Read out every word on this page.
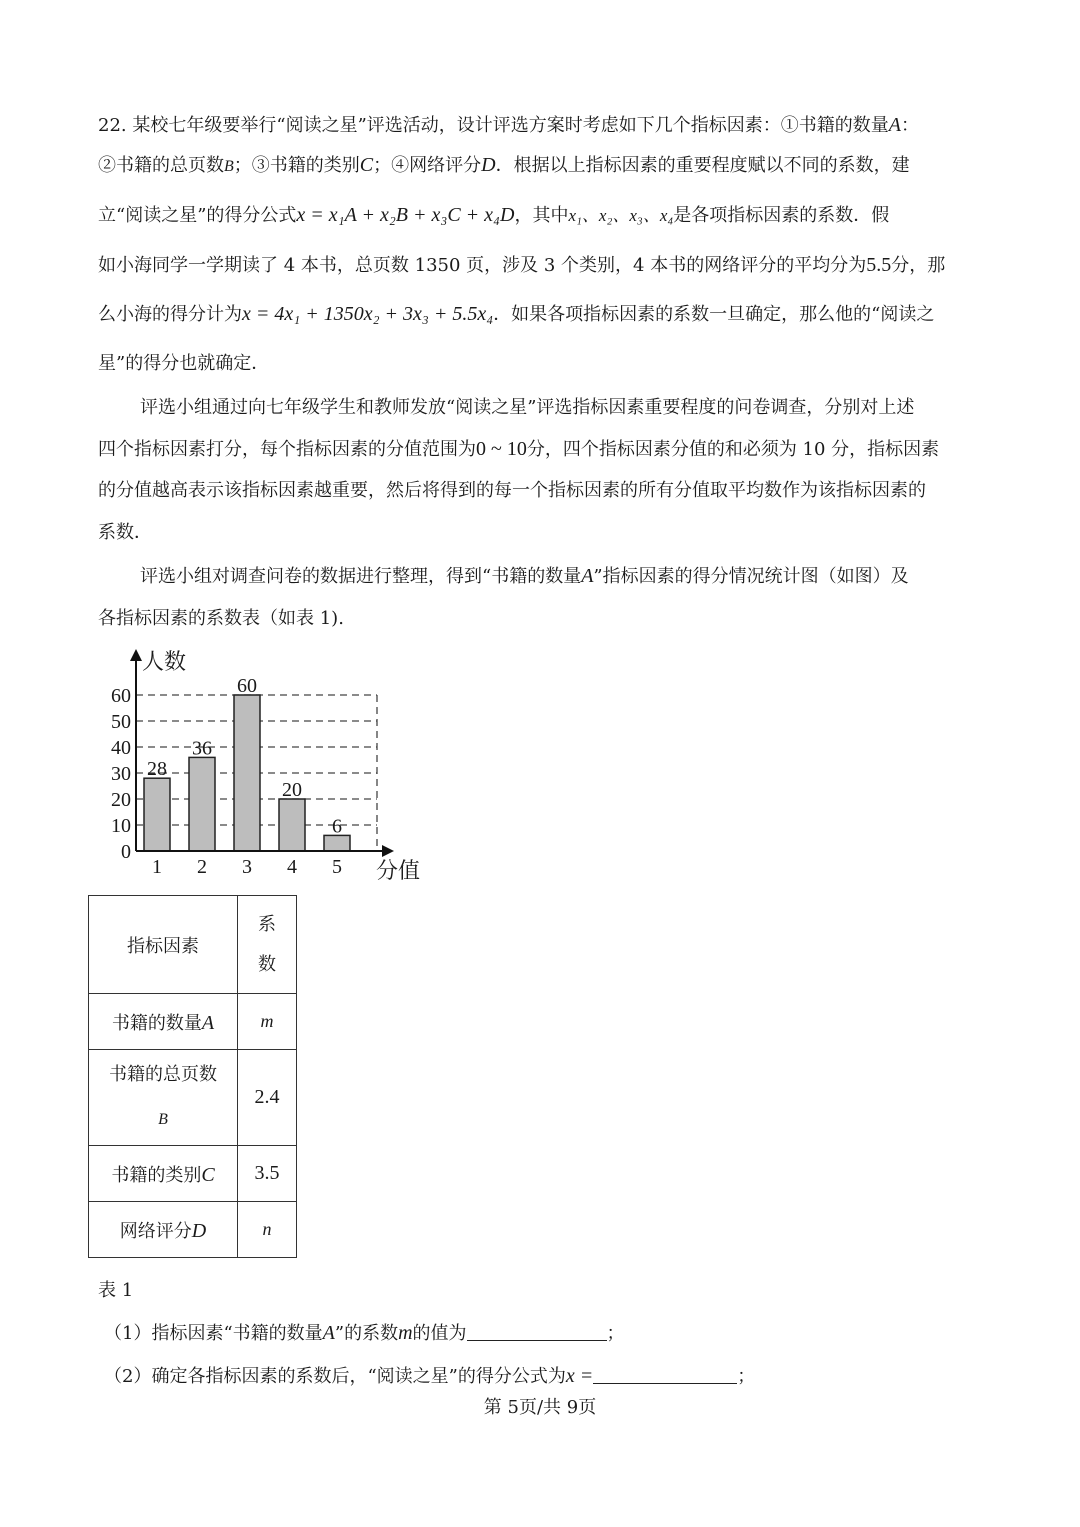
22. 某校七年级要举行“阅读之星”评选活动，设计评选方案时考虑如下几个指标因素：①书籍的数量A：
②书籍的总页数B；③书籍的类别C；④网络评分D．根据以上指标因素的重要程度赋以不同的系数，建
立“阅读之星”的得分公式x = x₁A + x₂B + x₃C + x₄D，其中x₁、x₂、x₃、x₄是各项指标因素的系数．假
如小海同学一学期读了 4 本书，总页数 1350 页，涉及 3 个类别，4 本书的网络评分的平均分为5.5分，那
么小海的得分计为x = 4x₁ + 1350x₂ + 3x₃ + 5.5x₄．如果各项指标因素的系数一旦确定，那么他的“阅读之
星”的得分也就确定．
评选小组通过向七年级学生和教师发放“阅读之星”评选指标因素重要程度的问卷调查，分别对上述
四个指标因素打分，每个指标因素的分值范围为0 ~ 10分，四个指标因素分值的和必须为 10 分，指标因素
的分值越高表示该指标因素越重要，然后将得到的每一个指标因素的所有分值取平均数作为该指标因素的
系数．
评选小组对调查问卷的数据进行整理，得到“书籍的数量A”指标因素的得分情况统计图（如图）及
各指标因素的系数表（如表 1).
0
10
20
30
40
50
60
28
1
36
2
60
3
20
4
6
5
人数
分值
指标因素	系
数
书籍的数量A	m
书籍的总页数
B	2.4
书籍的类别C	3.5
网络评分D	n
表 1
（1）指标因素“书籍的数量A”的系数m的值为	；
（2）确定各指标因素的系数后，“阅读之星”的得分公式为x =	；
第 5页/共 9页
